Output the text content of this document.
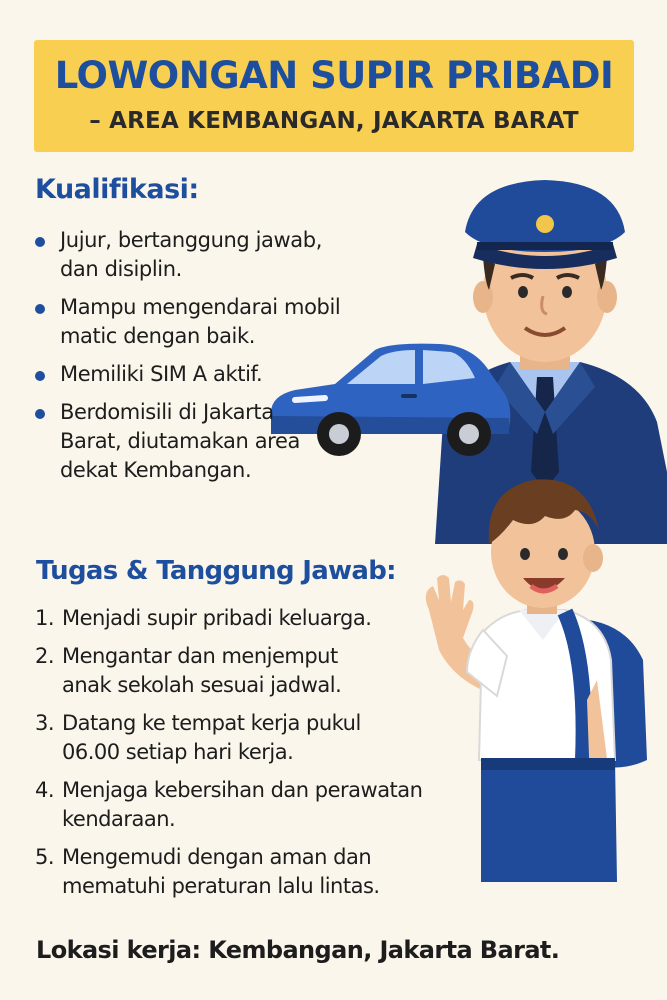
LOWONGAN SUPIR PRIBADI
– AREA KEMBANGAN, JAKARTA BARAT
Kualifikasi:
Jujur, bertanggung jawab, dan disiplin.
Mampu mengendarai mobil matic dengan baik.
Memiliki SIM A aktif.
Berdomisili di Jakarta Barat, diutamakan area dekat Kembangan.
Tugas & Tanggung Jawab:
1. Menjadi supir pribadi keluarga.
2. Mengantar dan menjemput anak sekolah sesuai jadwal.
3. Datang ke tempat kerja pukul 06.00 setiap hari kerja.
4. Menjaga kebersihan dan perawatan kendaraan.
5. Mengemudi dengan aman dan mematuhi peraturan lalu lintas.
Lokasi kerja: Kembangan, Jakarta Barat.
